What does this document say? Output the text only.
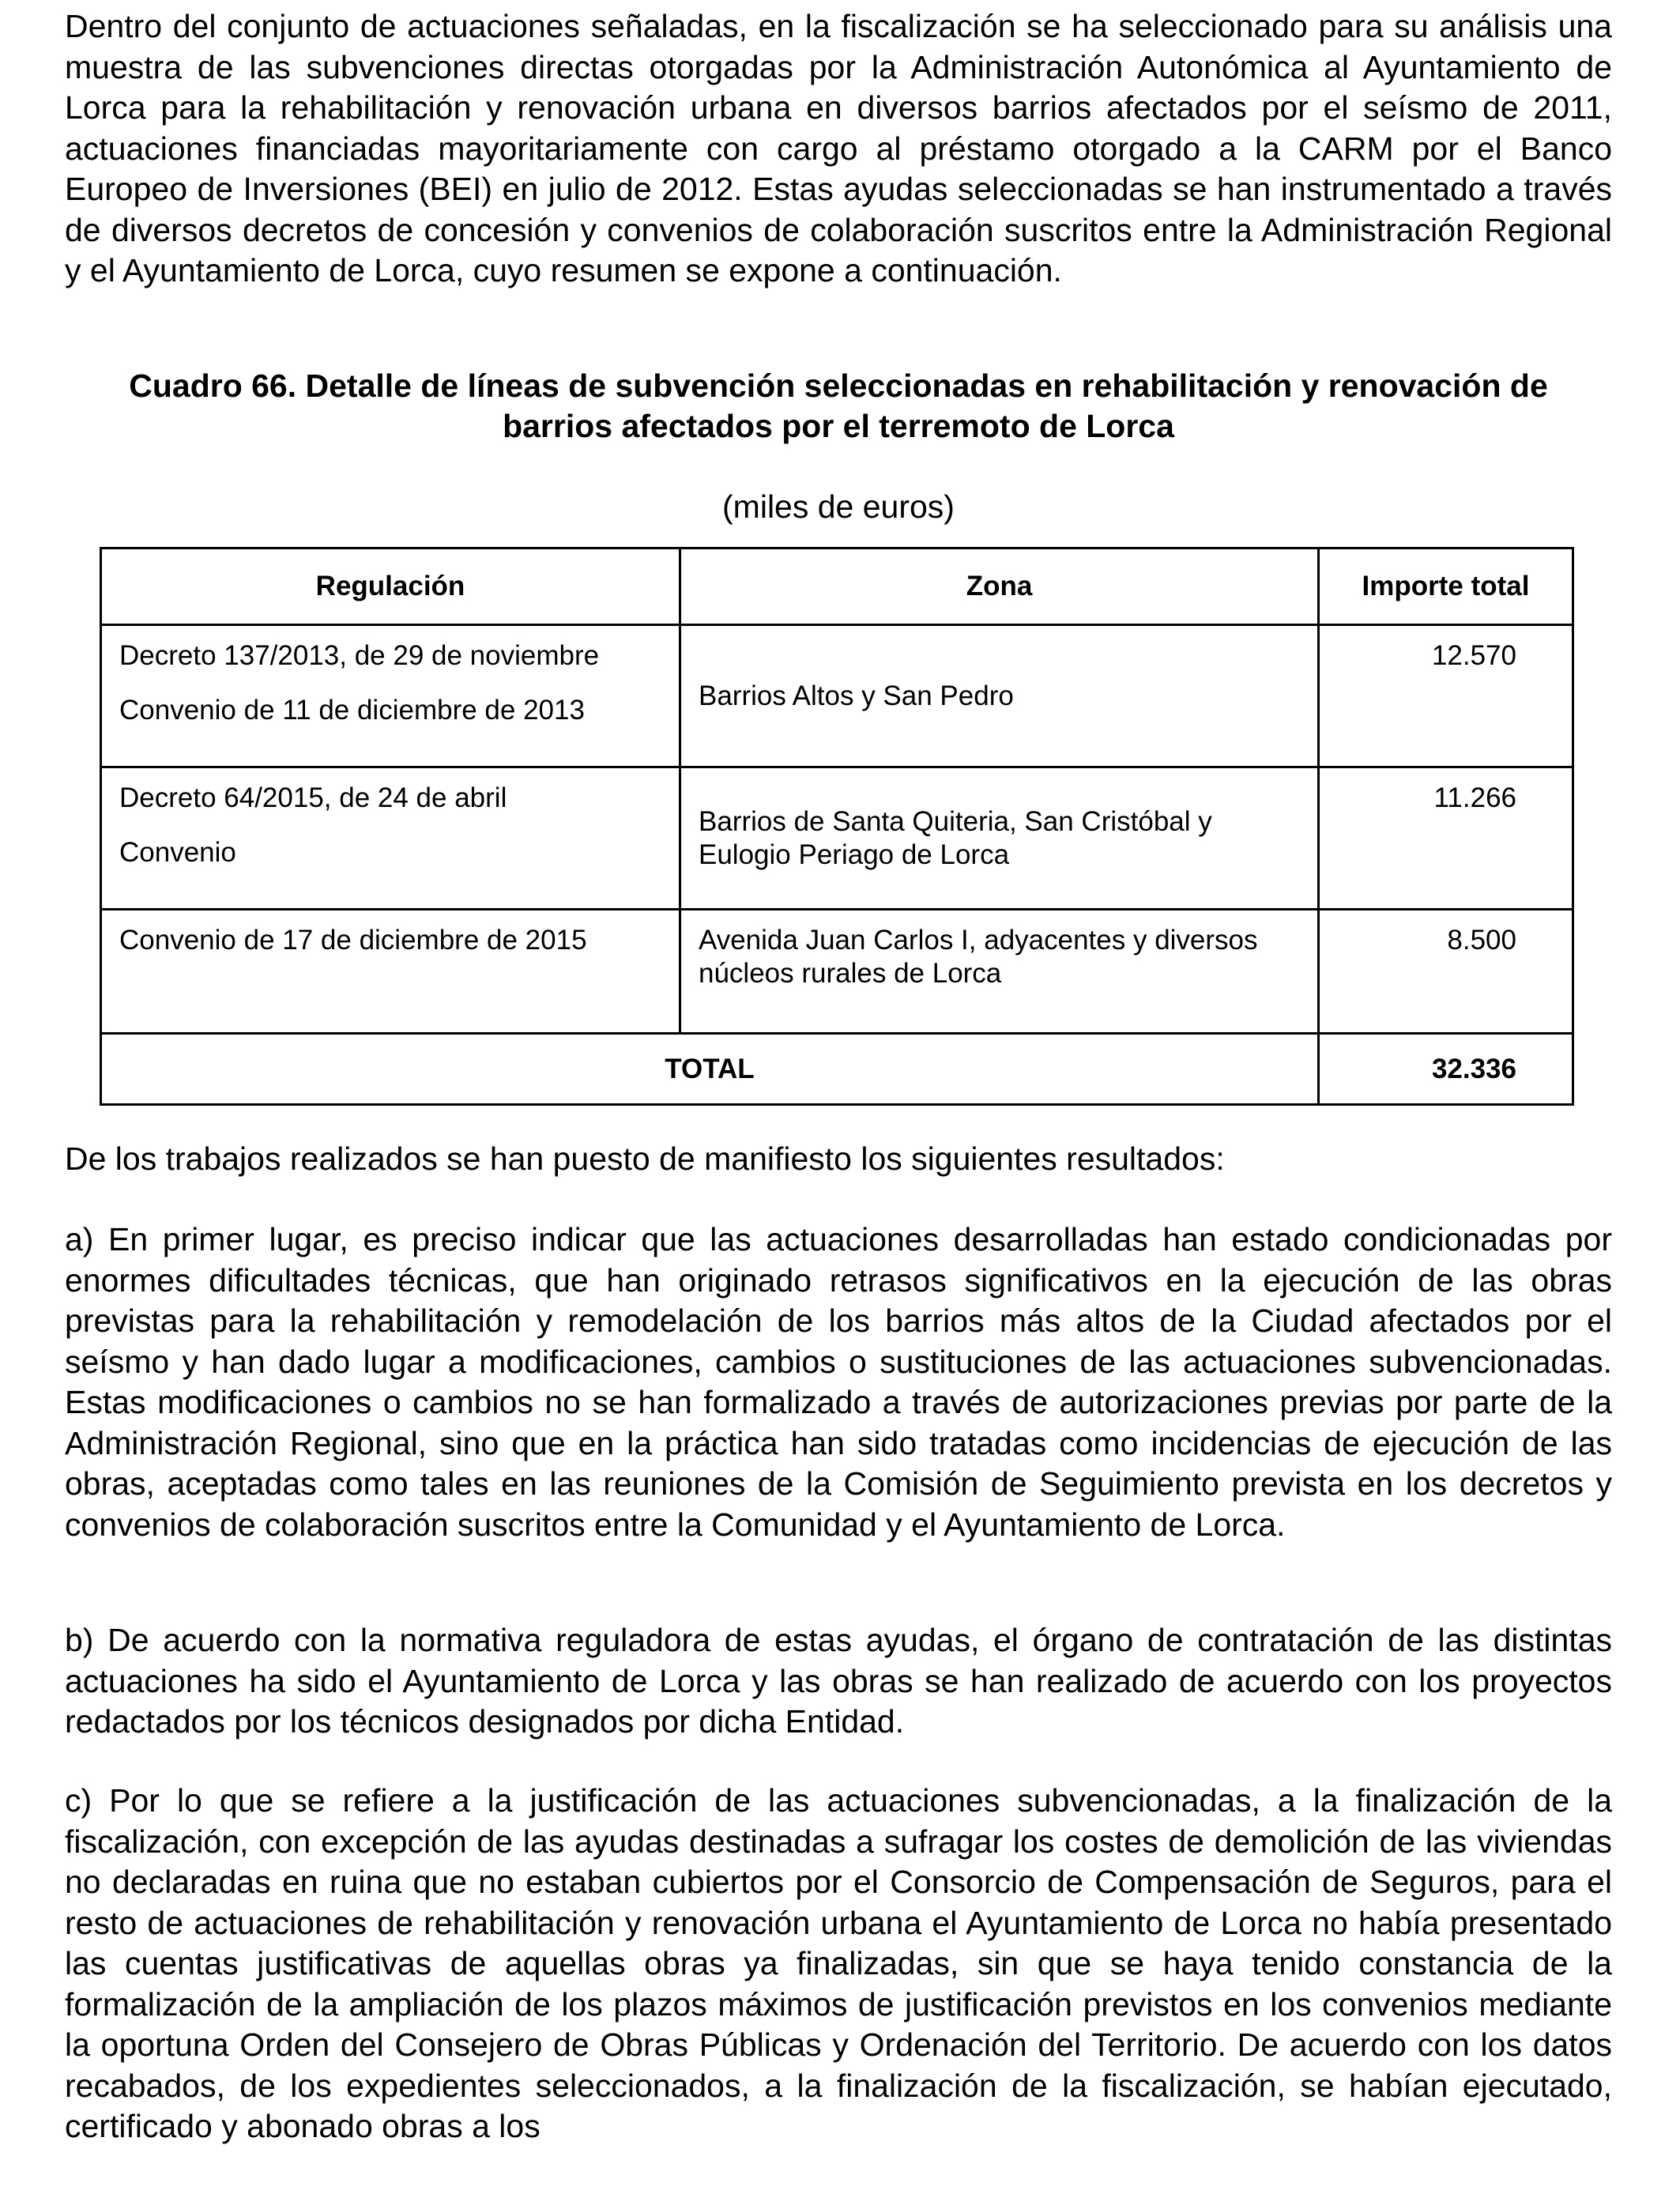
Dentro del conjunto de actuaciones señaladas, en la fiscalización se ha seleccionado para su análisis una muestra de las subvenciones directas otorgadas por la Administración Autonómica al Ayuntamiento de Lorca para la rehabilitación y renovación urbana en diversos barrios afectados por el seísmo de 2011, actuaciones financiadas mayoritariamente con cargo al préstamo otorgado a la CARM por el Banco Europeo de Inversiones (BEI) en julio de 2012. Estas ayudas seleccionadas se han instrumentado a través de diversos decretos de concesión y convenios de colaboración suscritos entre la Administración Regional y el Ayuntamiento de Lorca, cuyo resumen se expone a continuación.

Cuadro 66. Detalle de líneas de subvención seleccionadas en rehabilitación y renovación de
barrios afectados por el terremoto de Lorca

(miles de euros)
Regulación	Zona	Importe total

Decreto 137/2013, de 29 de noviembre
Convenio de 11 de diciembre de 2013	Barrios Altos y San Pedro	12.570

Decreto 64/2015, de 24 de abril
Convenio	Barrios de Santa Quiteria, San Cristóbal y Eulogio Periago de Lorca	11.266

Convenio de 17 de diciembre de 2015	Avenida Juan Carlos I, adyacentes y diversos núcleos rurales de Lorca	8.500
TOTAL		32.336

De los trabajos realizados se han puesto de manifiesto los siguientes resultados:

a) En primer lugar, es preciso indicar que las actuaciones desarrolladas han estado condicionadas por enormes dificultades técnicas, que han originado retrasos significativos en la ejecución de las obras previstas para la rehabilitación y remodelación de los barrios más altos de la Ciudad afectados por el seísmo y han dado lugar a modificaciones, cambios o sustituciones de las actuaciones subvencionadas. Estas modificaciones o cambios no se han formalizado a través de autorizaciones previas por parte de la Administración Regional, sino que en la práctica han sido tratadas como incidencias de ejecución de las obras, aceptadas como tales en las reuniones de la Comisión de Seguimiento prevista en los decretos y convenios de colaboración suscritos entre la Comunidad y el Ayuntamiento de Lorca.

b) De acuerdo con la normativa reguladora de estas ayudas, el órgano de contratación de las distintas actuaciones ha sido el Ayuntamiento de Lorca y las obras se han realizado de acuerdo con los proyectos redactados por los técnicos designados por dicha Entidad.

c) Por lo que se refiere a la justificación de las actuaciones subvencionadas, a la finalización de la fiscalización, con excepción de las ayudas destinadas a sufragar los costes de demolición de las viviendas no declaradas en ruina que no estaban cubiertos por el Consorcio de Compensación de Seguros, para el resto de actuaciones de rehabilitación y renovación urbana el Ayuntamiento de Lorca no había presentado las cuentas justificativas de aquellas obras ya finalizadas, sin que se haya tenido constancia de la formalización de la ampliación de los plazos máximos de justificación previstos en los convenios mediante la oportuna Orden del Consejero de Obras Públicas y Ordenación del Territorio. De acuerdo con los datos recabados, de los expedientes seleccionados, a la finalización de la fiscalización, se habían ejecutado, certificado y abonado obras a los
